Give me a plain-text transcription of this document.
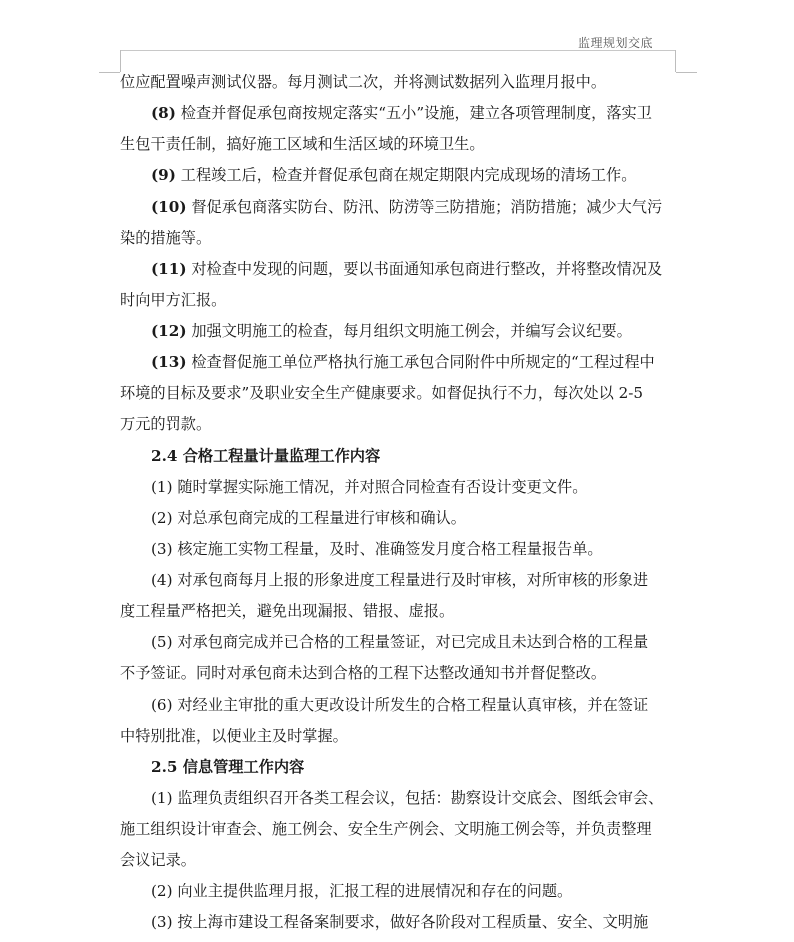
监理规划交底
位应配置噪声测试仪器。每月测试二次，并将测试数据列入监理月报中。
(8) 检查并督促承包商按规定落实“五小”设施，建立各项管理制度，落实卫
生包干责任制，搞好施工区域和生活区域的环境卫生。
(9) 工程竣工后，检查并督促承包商在规定期限内完成现场的清场工作。
(10) 督促承包商落实防台、防汛、防涝等三防措施；消防措施；减少大气污
染的措施等。
(11) 对检查中发现的问题，要以书面通知承包商进行整改，并将整改情况及
时向甲方汇报。
(12) 加强文明施工的检查，每月组织文明施工例会，并编写会议纪要。
(13) 检查督促施工单位严格执行施工承包合同附件中所规定的“工程过程中
环境的目标及要求”及职业安全生产健康要求。如督促执行不力，每次处以 2-5
万元的罚款。
2.4 合格工程量计量监理工作内容
(1) 随时掌握实际施工情况，并对照合同检查有否设计变更文件。
(2) 对总承包商完成的工程量进行审核和确认。
(3) 核定施工实物工程量，及时、准确签发月度合格工程量报告单。
(4) 对承包商每月上报的形象进度工程量进行及时审核，对所审核的形象进
度工程量严格把关，避免出现漏报、错报、虚报。
(5) 对承包商完成并已合格的工程量签证，对已完成且未达到合格的工程量
不予签证。同时对承包商未达到合格的工程下达整改通知书并督促整改。
(6) 对经业主审批的重大更改设计所发生的合格工程量认真审核，并在签证
中特别批准，以便业主及时掌握。
2.5 信息管理工作内容
(1) 监理负责组织召开各类工程会议，包括：勘察设计交底会、图纸会审会、
施工组织设计审查会、施工例会、安全生产例会、文明施工例会等，并负责整理
会议记录。
(2) 向业主提供监理月报，汇报工程的进展情况和存在的问题。
(3) 按上海市建设工程备案制要求，做好各阶段对工程质量、安全、文明施
